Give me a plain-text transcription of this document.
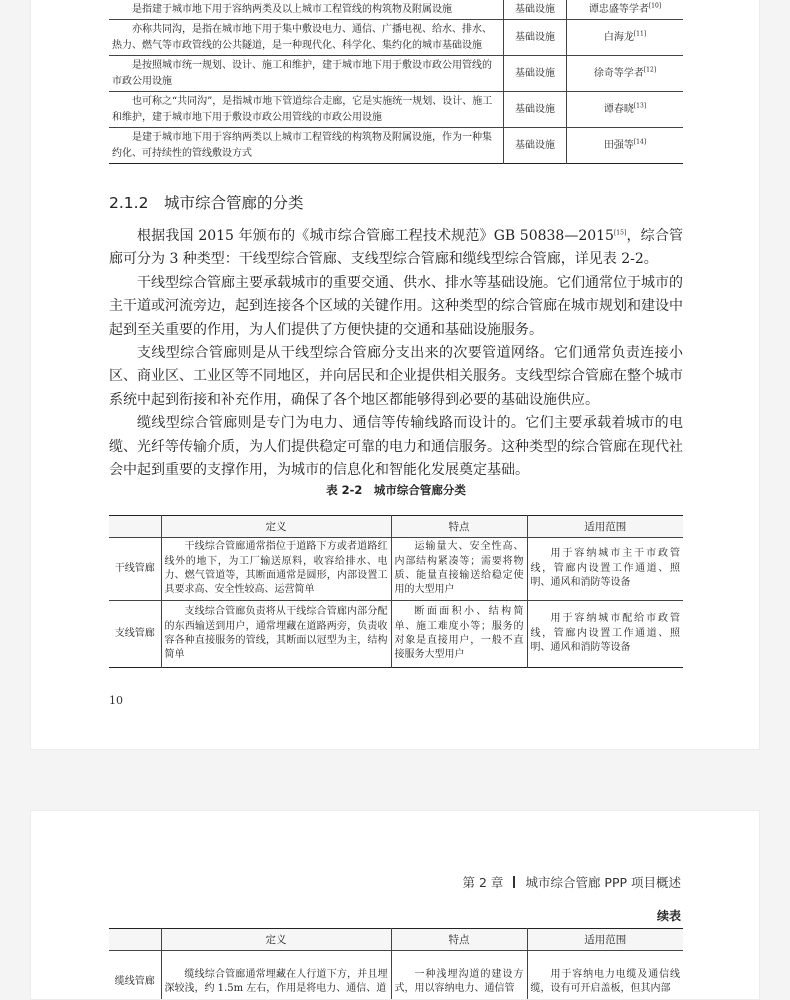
是指建于城市地下用于容纳两类及以上城市工程管线的构筑物及附属设施	基础设施	谭忠盛等学者[10]
亦称共同沟，是指在城市地下用于集中敷设电力、通信、广播电视、给水、排水、热力、燃气等市政管线的公共隧道，是一种现代化、科学化、集约化的城市基础设施	基础设施	白海龙[11]
是按照城市统一规划、设计、施工和维护，建于城市地下用于敷设市政公用管线的市政公用设施	基础设施	徐奇等学者[12]
也可称之“共同沟”，是指城市地下管道综合走廊，它是实施统一规划、设计、施工和维护，建于城市地下用于敷设市政公用管线的市政公用设施	基础设施	谭春晓[13]
是建于城市地下用于容纳两类以上城市工程管线的构筑物及附属设施，作为一种集约化、可持续性的管线敷设方式	基础设施	田强等[14]
2.1.2　 城市综合管廊的分类

根据我国 2015 年颁布的《城市综合管廊工程技术规范》GB 50838—2015[15]，综合管廊可分为 3 种类型：干线型综合管廊、支线型综合管廊和缆线型综合管廊，详见表 2-2。

干线型综合管廊主要承载城市的重要交通、供水、排水等基础设施。它们通常位于城市的主干道或河流旁边，起到连接各个区域的关键作用。这种类型的综合管廊在城市规划和建设中起到至关重要的作用，为人们提供了方便快捷的交通和基础设施服务。

支线型综合管廊则是从干线型综合管廊分支出来的次要管道网络。它们通常负责连接小区、商业区、工业区等不同地区，并向居民和企业提供相关服务。支线型综合管廊在整个城市系统中起到衔接和补充作用，确保了各个地区都能够得到必要的基础设施供应。

缆线型综合管廊则是专门为电力、通信等传输线路而设计的。它们主要承载着城市的电缆、光纤等传输介质，为人们提供稳定可靠的电力和通信服务。这种类型的综合管廊在现代社会中起到重要的支撑作用，为城市的信息化和智能化发展奠定基础。

表 2-2　城市综合管廊分类
	定义	特点	适用范围
干线管廊	干线综合管廊通常指位于道路下方或者道路红线外的地下，为工厂输送原料，收容给排水、电力、燃气管道等，其断面通常是圆形，内部设置工具要求高、安全性较高、运营简单	运输量大、安全性高、内部结构紧凑等；需要将物质、能量直接输送给稳定使用的大型用户	用于容纳城市主干市政管线，管廊内设置工作通道、照明、通风和消防等设备
支线管廊	支线综合管廊负责将从干线综合管廊内部分配的东西输送到用户，通常埋藏在道路两旁，负责收容各种直接服务的管线，其断面以冠型为主，结构简单	断面面积小、结构简单、施工难度小等；服务的对象是直接用户，一般不直接服务大型用户	用于容纳城市配给市政管线，管廊内设置工作通道、照明、通风和消防等设备
10
第 2 章 城市综合管廊 PPP 项目概述
续表
	定义	特点	适用范围
缆线管廊	缆线综合管廊通常埋藏在人行道下方，并且埋深较浅，约 1.5m 左右，作用是将电力、通信、道	一种浅埋沟道的建设方式，用以容纳电力、通信管	用于容纳电力电缆及通信线缆，设有可开启盖板，但其内部
